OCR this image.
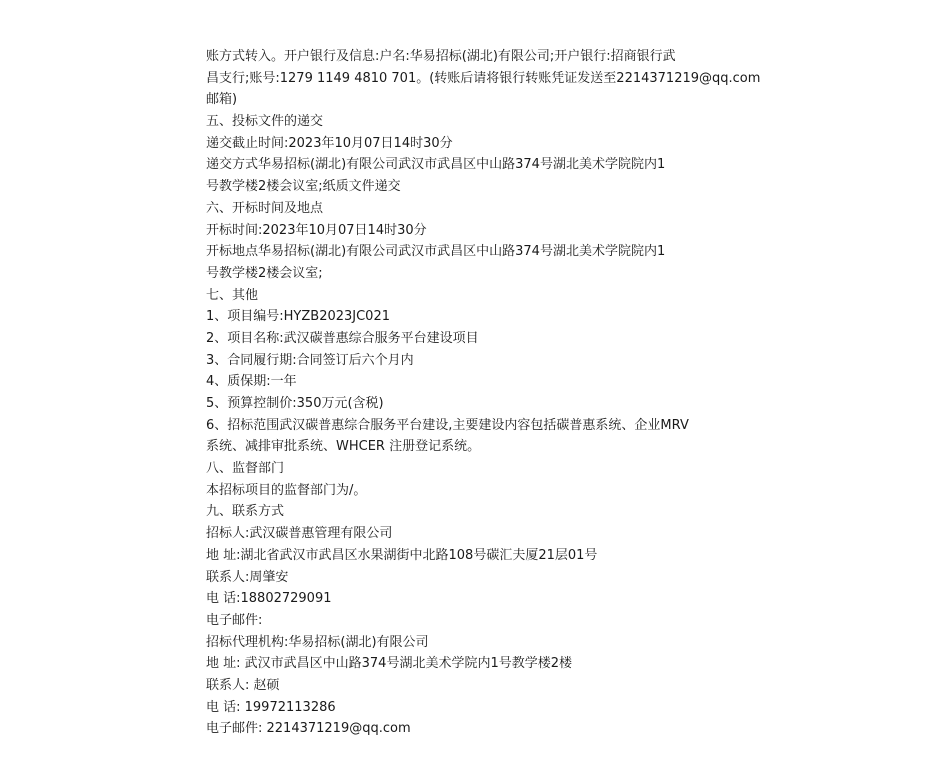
账方式转入。开户银行及信息:户名:华易招标(湖北)有限公司;开户银行:招商银行武
昌支行;账号:1279 1149 4810 701。(转账后请将银行转账凭证发送至2214371219@qq.com
邮箱)
五、投标文件的递交
递交截止时间:2023年10月07日14时30分
递交方式华易招标(湖北)有限公司武汉市武昌区中山路374号湖北美术学院院内1
号教学楼2楼会议室;纸质文件递交
六、开标时间及地点
开标时间:2023年10月07日14时30分
开标地点华易招标(湖北)有限公司武汉市武昌区中山路374号湖北美术学院院内1
号教学楼2楼会议室;
七、其他
1、项目编号:HYZB2023JC021
2、项目名称:武汉碳普惠综合服务平台建设项目
3、合同履行期:合同签订后六个月内
4、质保期:一年
5、预算控制价:350万元(含税)
6、招标范围武汉碳普惠综合服务平台建设,主要建设内容包括碳普惠系统、企业MRV
系统、减排审批系统、WHCER 注册登记系统。
八、监督部门
本招标项目的监督部门为/。
九、联系方式
招标人:武汉碳普惠管理有限公司
地 址:湖北省武汉市武昌区水果湖街中北路108号碳汇夫厦21层01号
联系人:周肇安
电 话:18802729091
电子邮件:
招标代理机构:华易招标(湖北)有限公司
地 址: 武汉市武昌区中山路374号湖北美术学院内1号教学楼2楼
联系人: 赵硕
电 话: 19972113286
电子邮件: 2214371219@qq.com
